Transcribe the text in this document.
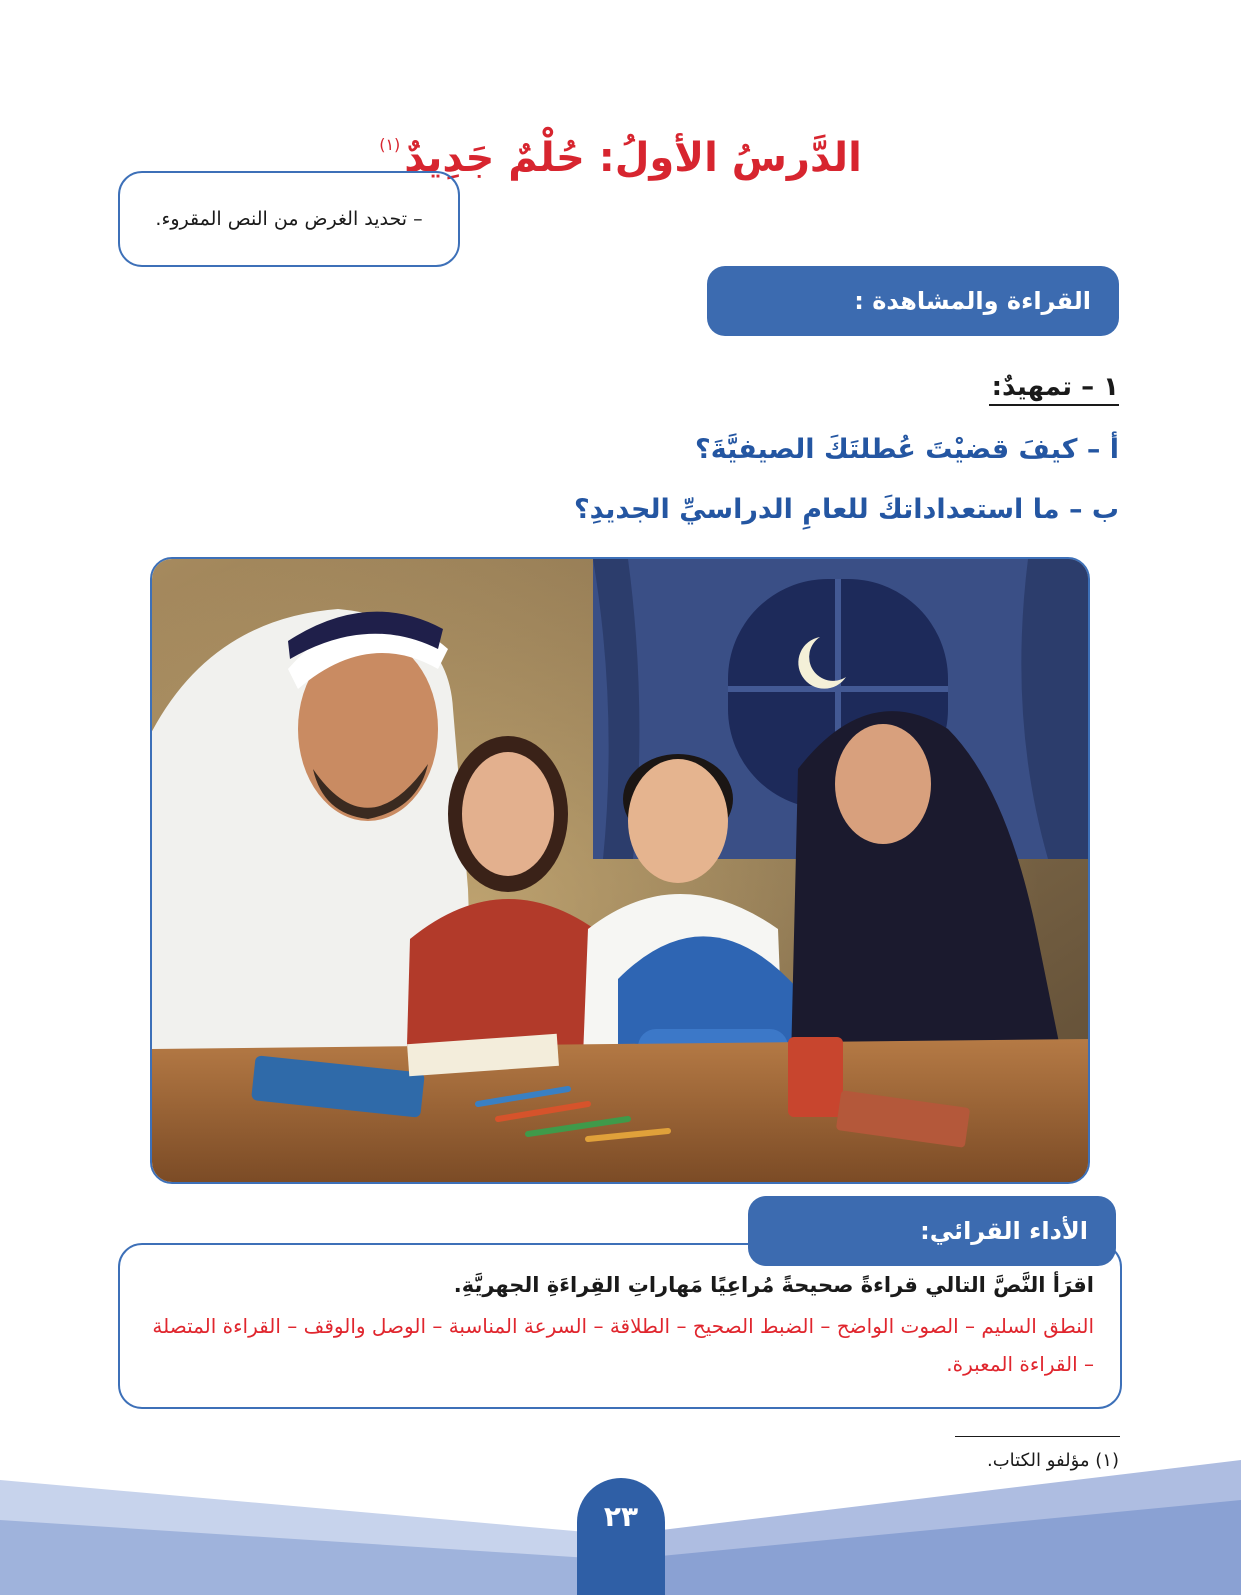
الدَّرسُ الأولُ: حُلْمٌ جَدِيدٌ$^{(١)}$
– تحديد الغرض من النص المقروء.
القراءة والمشاهدة :
١ – تمهيدٌ:
أ – كيفَ قضيْتَ عُطلتَكَ الصيفيَّةَ؟
ب – ما استعداداتكَ للعامِ الدراسيِّ الجديدِ؟
اقرَأ النَّصَّ التالي قراءةً صحيحةً مُراعِيًا مَهاراتِ القِراءَةِ الجهريَّةِ.
النطق السليم – الصوت الواضح – الضبط الصحيح – الطلاقة – السرعة المناسبة – الوصل والوقف – القراءة المتصلة – القراءة المعبرة.
الأداء القرائي:
(١) مؤلفو الكتاب.
٢٣
